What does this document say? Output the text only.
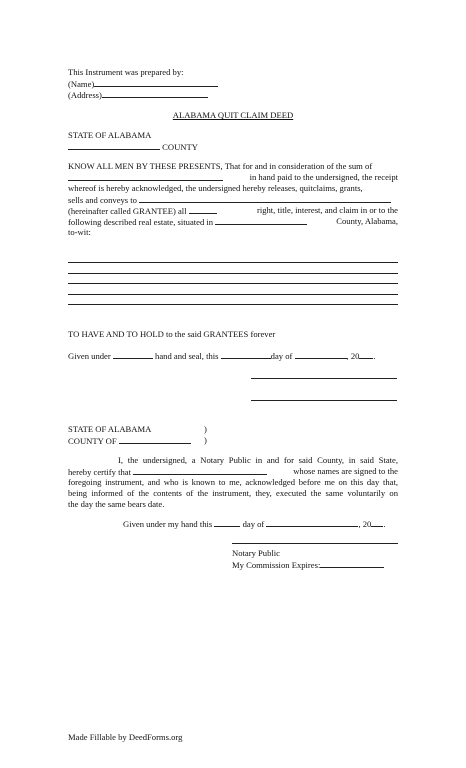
This Instrument was prepared by:
(Name)
(Address)
ALABAMA QUIT CLAIM DEED
STATE OF ALABAMA
COUNTY
KNOW ALL MEN BY THESE PRESENTS, That for and in consideration of the sum of
in hand paid to the undersigned, the receipt
whereof is hereby acknowledged, the undersigned hereby releases, quitclaims, grants,
sells and conveys to
(hereinafter called GRANTEE) all	right, title, interest, and claim in or to the
following described real estate, situated in	County, Alabama,
to-wit:
TO HAVE AND TO HOLD to the said GRANTEES forever
Given under	hand and seal, this	day of	, 20 .
STATE OF ALABAMA	)
COUNTY OF	)
I, the undersigned, a Notary Public in and for said County, in said State,
hereby certify that	whose names are signed to the
foregoing instrument, and who is known to me, acknowledged before me on this day that,
being informed of the contents of the instrument, they, executed the same voluntarily on
the day the same bears date.
Given under my hand this	day of	, 20 .
Notary Public
My Commission Expires:
Made Fillable by DeedForms.org
